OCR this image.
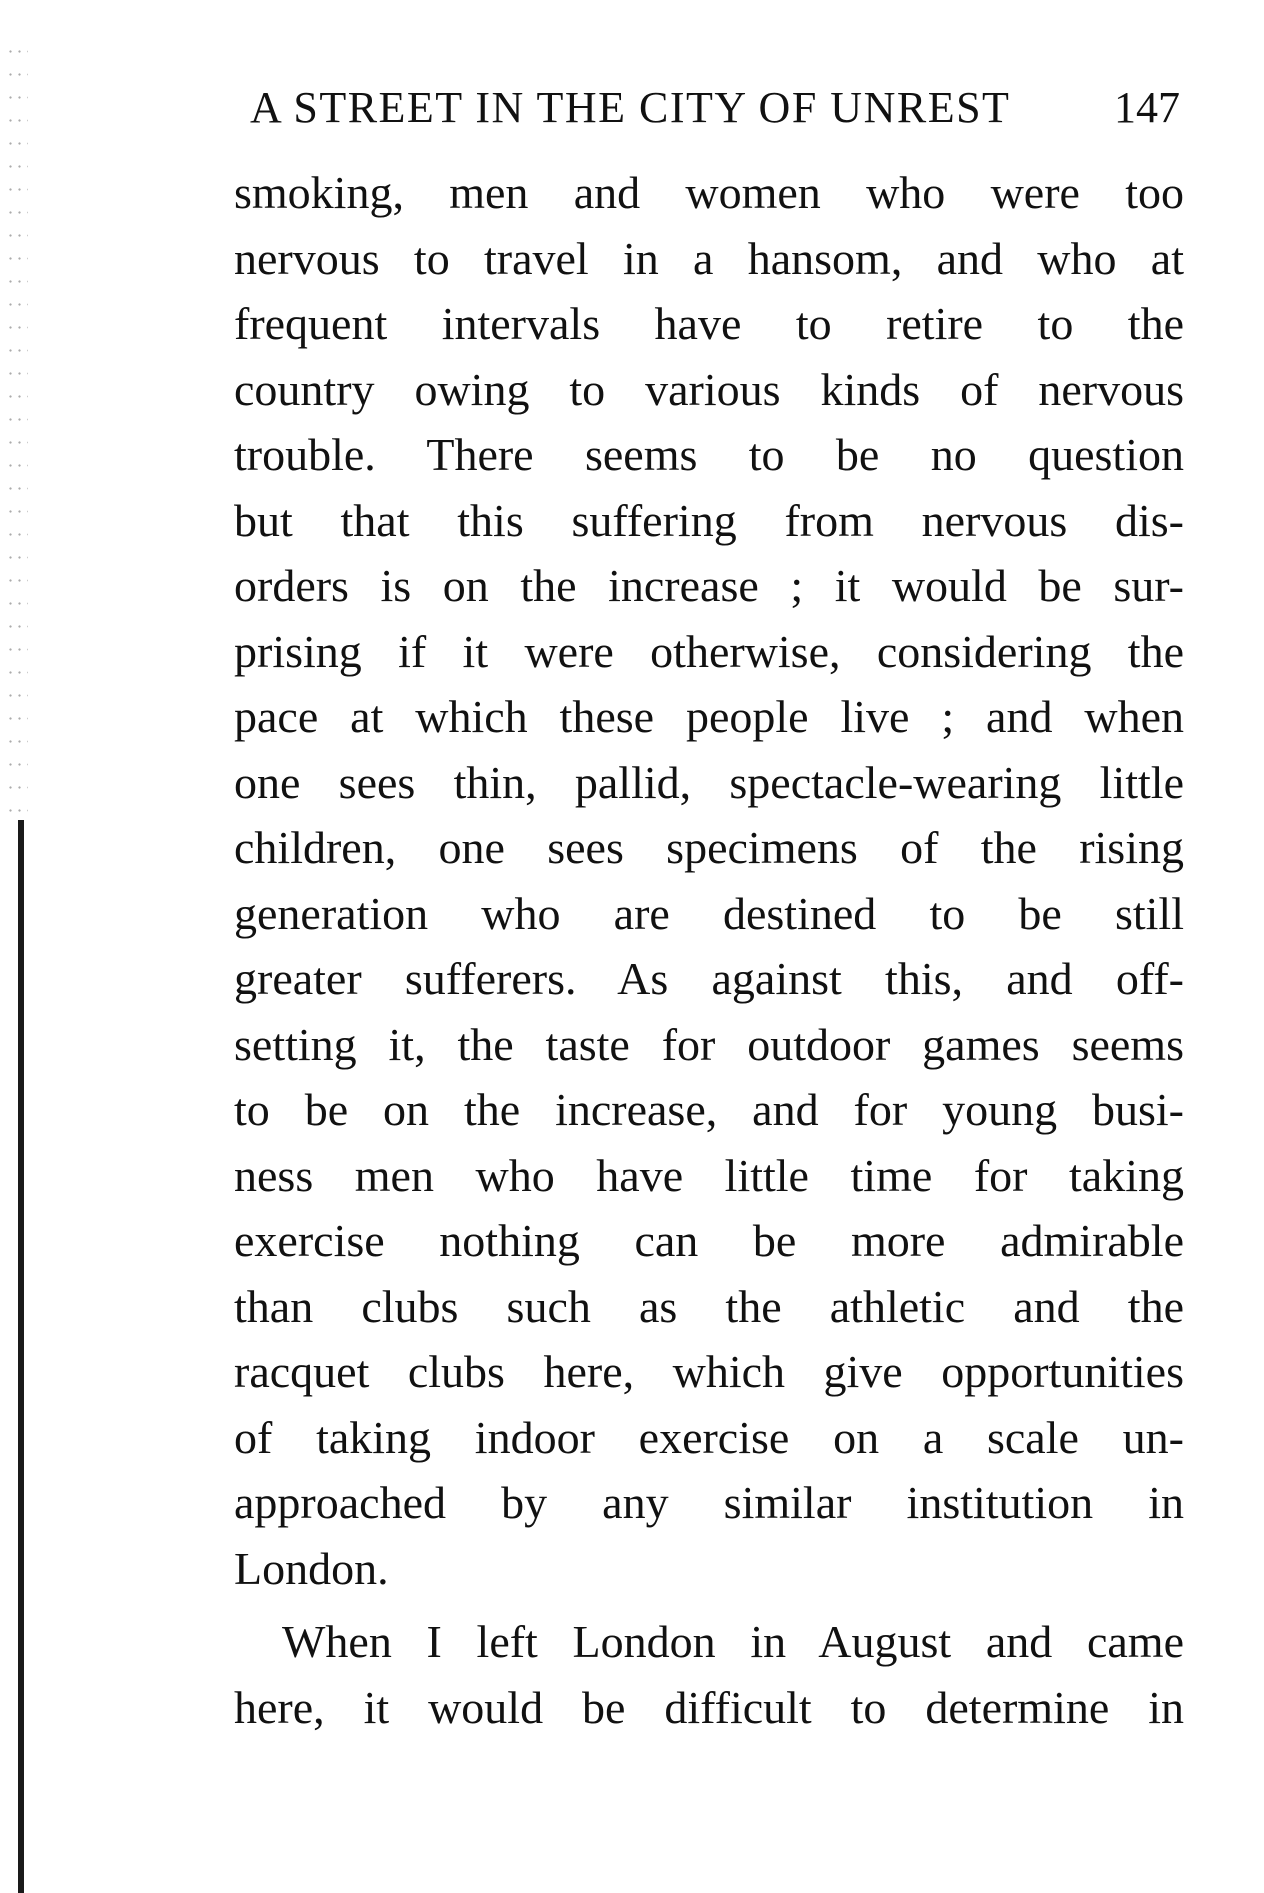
A STREET IN THE CITY OF UNREST 147
smoking, men and women who were too
nervous to travel in a hansom, and who at
frequent intervals have to retire to the
country owing to various kinds of nervous
trouble. There seems to be no question
but that this suffering from nervous dis-
orders is on the increase ; it would be sur-
prising if it were otherwise, considering the
pace at which these people live ; and when
one sees thin, pallid, spectacle-wearing little
children, one sees specimens of the rising
generation who are destined to be still
greater sufferers. As against this, and off-
setting it, the taste for outdoor games seems
to be on the increase, and for young busi-
ness men who have little time for taking
exercise nothing can be more admirable
than clubs such as the athletic and the
racquet clubs here, which give opportunities
of taking indoor exercise on a scale un-
approached by any similar institution in
London.
When I left London in August and came
here, it would be difficult to determine in
